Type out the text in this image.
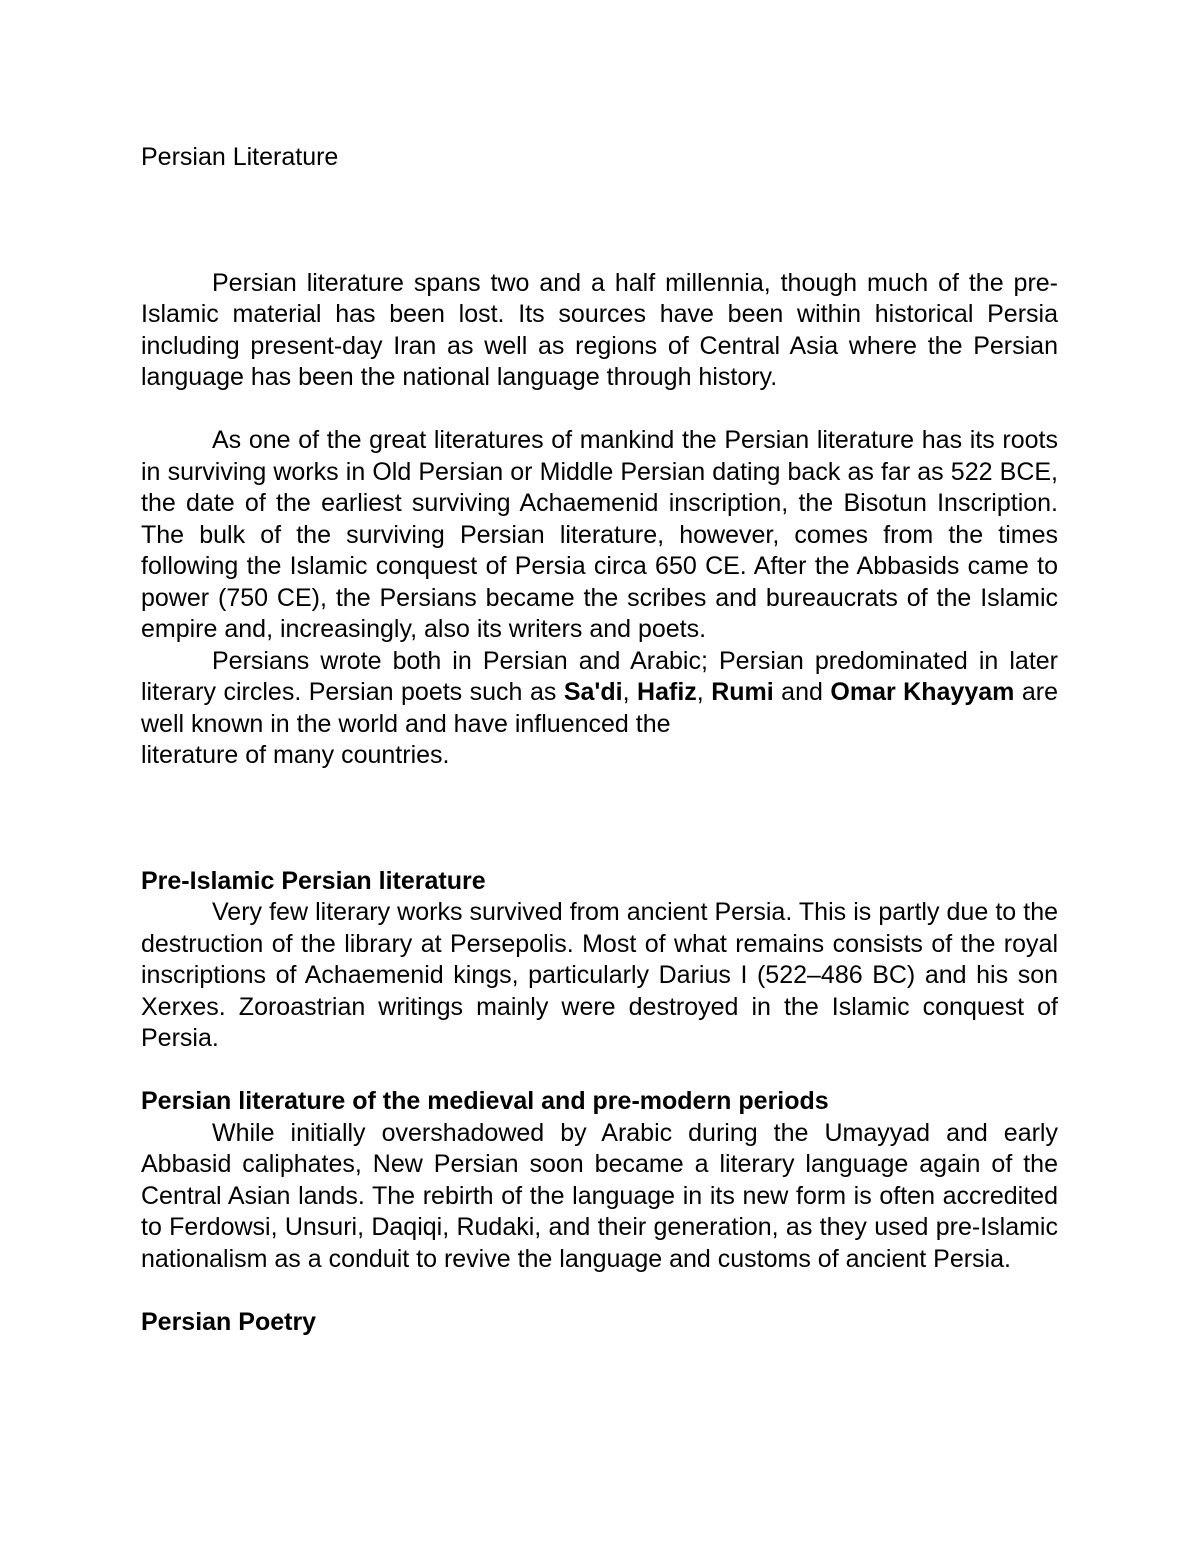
Persian Literature

Persian literature spans two and a half millennia, though much of the pre-Islamic material has been lost. Its sources have been within historical Persia including present-day Iran as well as regions of Central Asia where the Persian language has been the national language through history.

As one of the great literatures of mankind the Persian literature has its roots in surviving works in Old Persian or Middle Persian dating back as far as 522 BCE, the date of the earliest surviving Achaemenid inscription, the Bisotun Inscription. The bulk of the surviving Persian literature, however, comes from the times following the Islamic conquest of Persia circa 650 CE. After the Abbasids came to power (750 CE), the Persians became the scribes and bureaucrats of the Islamic empire and, increasingly, also its writers and poets.

Persians wrote both in Persian and Arabic; Persian predominated in later literary circles. Persian poets such as Sa'di, Hafiz, Rumi and Omar Khayyam are well known in the world and have influenced the

literature of many countries.

Pre-Islamic Persian literature

Very few literary works survived from ancient Persia. This is partly due to the destruction of the library at Persepolis. Most of what remains consists of the royal inscriptions of Achaemenid kings, particularly Darius I (522–486 BC) and his son Xerxes. Zoroastrian writings mainly were destroyed in the Islamic conquest of Persia.

Persian literature of the medieval and pre-modern periods

While initially overshadowed by Arabic during the Umayyad and early Abbasid caliphates, New Persian soon became a literary language again of the Central Asian lands. The rebirth of the language in its new form is often accredited to Ferdowsi, Unsuri, Daqiqi, Rudaki, and their generation, as they used pre-Islamic nationalism as a conduit to revive the language and customs of ancient Persia.

Persian Poetry
